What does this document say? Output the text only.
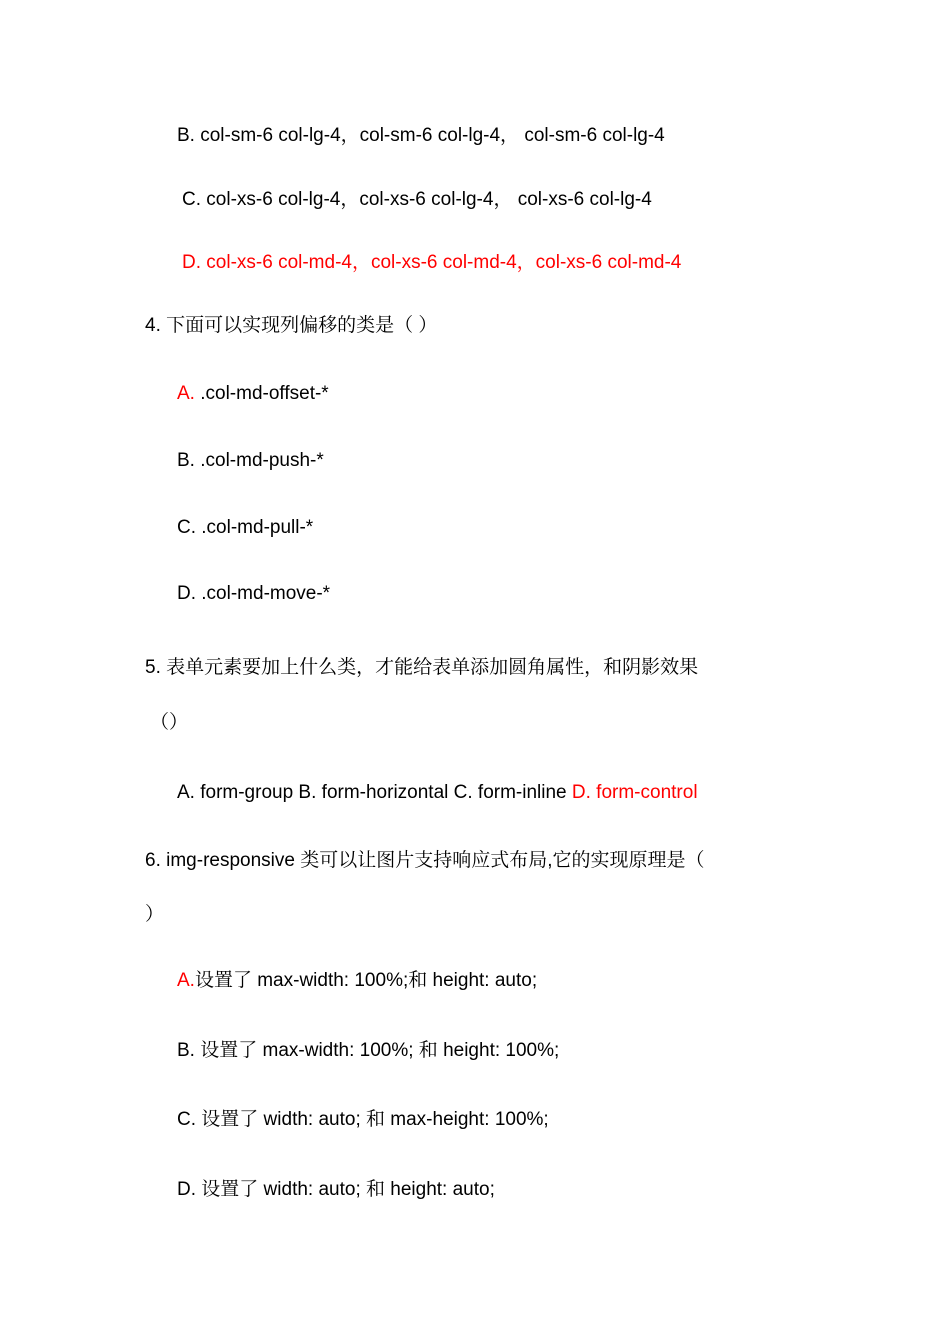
B. col-sm-6 col-lg-4，col-sm-6 col-lg-4， col-sm-6 col-lg-4
C. col-xs-6 col-lg-4，col-xs-6 col-lg-4， col-xs-6 col-lg-4
D. col-xs-6 col-md-4，col-xs-6 col-md-4，col-xs-6 col-md-4
4. 下面可以实现列偏移的类是（ ）
A. .col-md-offset-*
B. .col-md-push-*
C. .col-md-pull-*
D. .col-md-move-*
5. 表单元素要加上什么类，才能给表单添加圆角属性，和阴影效果
（）
A. form-group B. form-horizontal C. form-inline D. form-control
6. img-responsive 类可以让图片支持响应式布局,它的实现原理是（
）
A.设置了 max-width: 100%;和 height: auto;
B. 设置了 max-width: 100%; 和 height: 100%;
C. 设置了 width: auto; 和 max-height: 100%;
D. 设置了 width: auto; 和 height: auto;
